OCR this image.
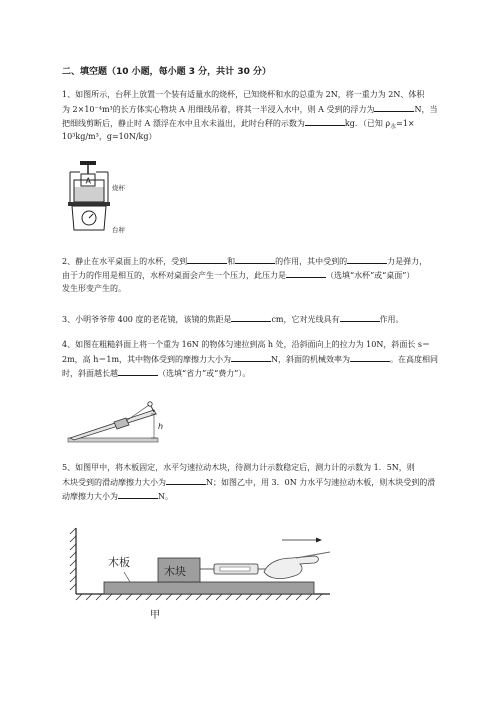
二、填空题（10 小题，每小题 3 分，共计 30 分）
1、如图所示，台秤上放置一个装有适量水的烧杯，已知烧杯和水的总重为 2N，将一重力为 2N、体积
为 2×10⁻⁴m³的长方体实心物块 A 用细线吊着，将其一半浸入水中，则 A 受到的浮力为	N，当
把细线剪断后，静止时 A 漂浮在水中且水未溢出，此时台秤的示数为	kg．（已知 $\rho_水=1\times$
10³kg/m³，g=10N/kg）
A
烧杯
台秤
2、静止在水平桌面上的水杯，受到	和	的作用，其中受到的	力是弹力，
由于力的作用是相互的，水杯对桌面会产生一个压力，此压力是	（选填“水杯”或“桌面”）
发生形变产生的。
3、小明爷爷带 400 度的老花镜，该镜的焦距是	cm，它对光线具有	作用。
4、如图在粗糙斜面上将一个重为 16N 的物体匀速拉到高 h 处，沿斜面向上的拉力为 10N，斜面长 s＝
2m，高 h＝1m，其中物体受到的摩擦力大小为	N，斜面的机械效率为	。在高度相同
时，斜面越长越	（选填“省力”或“费力”）。
h
5、如图甲中，将木板固定，水平匀速拉动木块，待测力计示数稳定后，测力计的示数为 1．5N，则
木块受到的滑动摩擦力大小为	N；如图乙中，用 3．0N 力水平匀速拉动木板，则木块受到的滑
动摩擦力大小为	N。
木板
木块
甲
